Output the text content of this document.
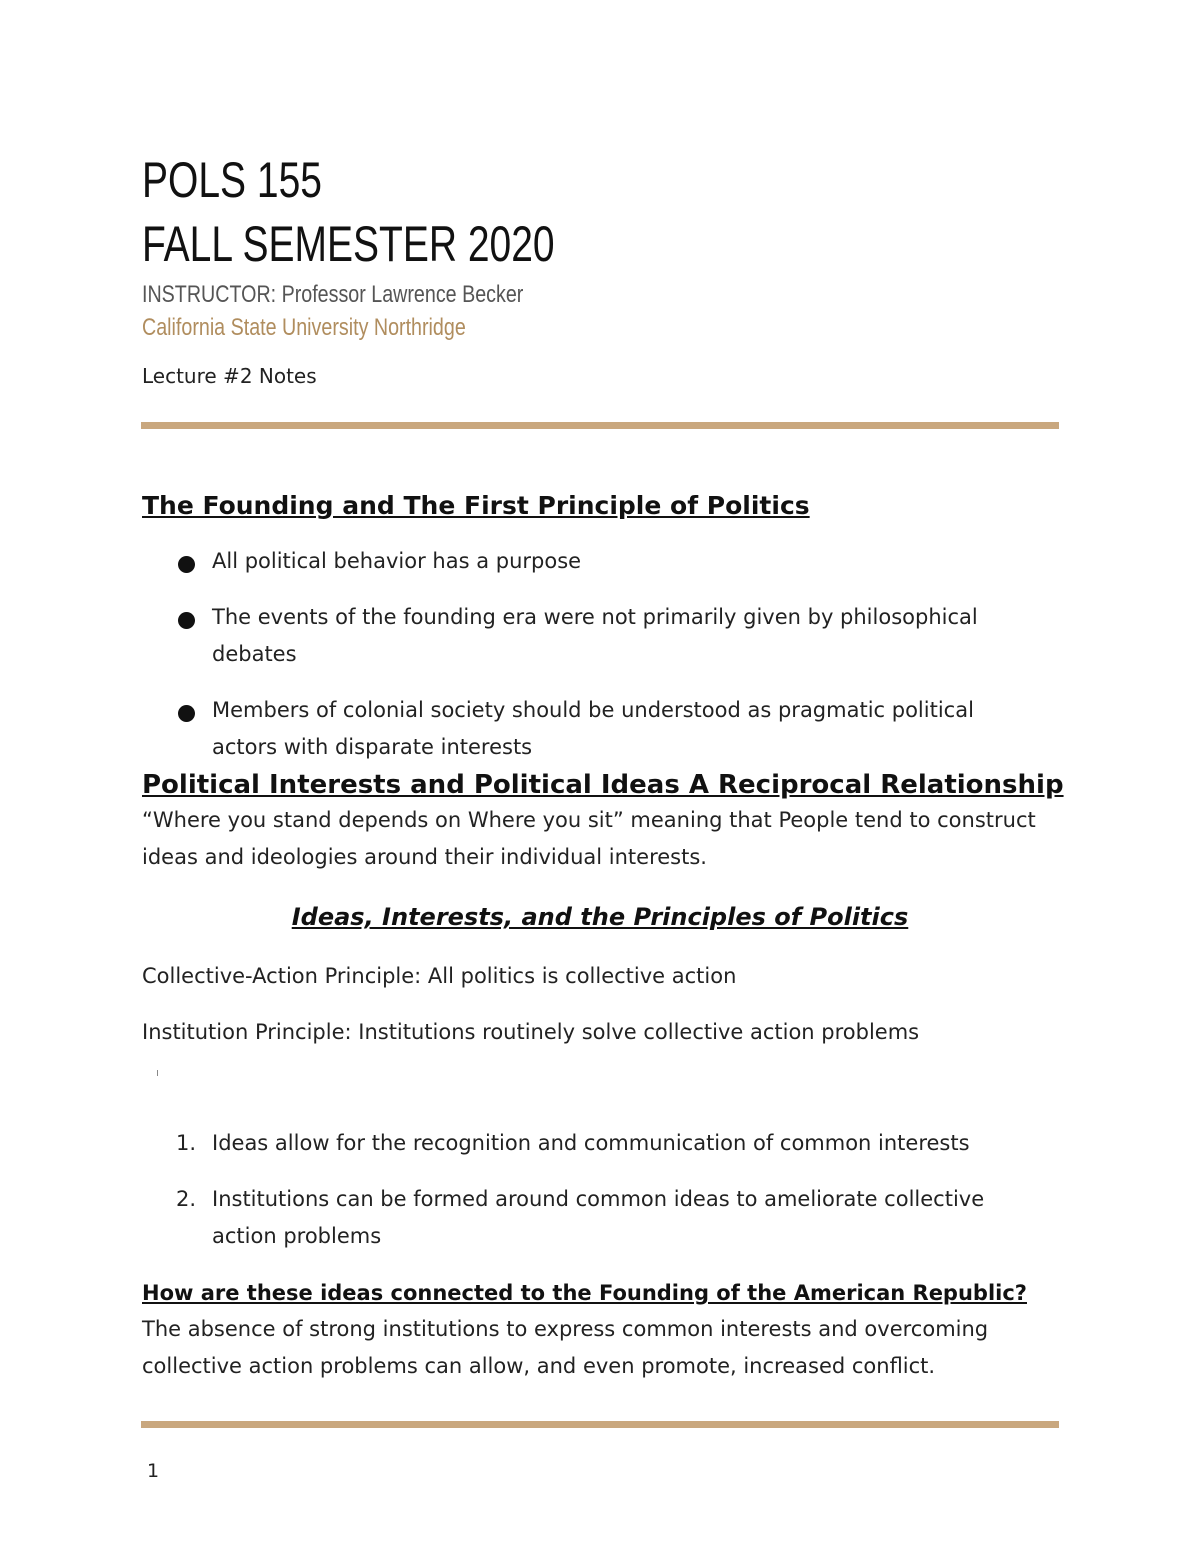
POLS 155
FALL SEMESTER 2020
INSTRUCTOR: Professor Lawrence Becker
California State University Northridge
Lecture #2 Notes
The Founding and The First Principle of Politics
All political behavior has a purpose
The events of the founding era were not primarily given by philosophical debates
Members of colonial society should be understood as pragmatic political actors with disparate interests
Political Interests and Political Ideas A Reciprocal Relationship
“Where you stand depends on Where you sit” meaning that People tend to construct ideas and ideologies around their individual interests.
Ideas, Interests, and the Principles of Politics
Collective-Action Principle: All politics is collective action
Institution Principle: Institutions routinely solve collective action problems
1. Ideas allow for the recognition and communication of common interests
2. Institutions can be formed around common ideas to ameliorate collective action problems
How are these ideas connected to the Founding of the American Republic?
The absence of strong institutions to express common interests and overcoming collective action problems can allow, and even promote, increased conflict.
1
